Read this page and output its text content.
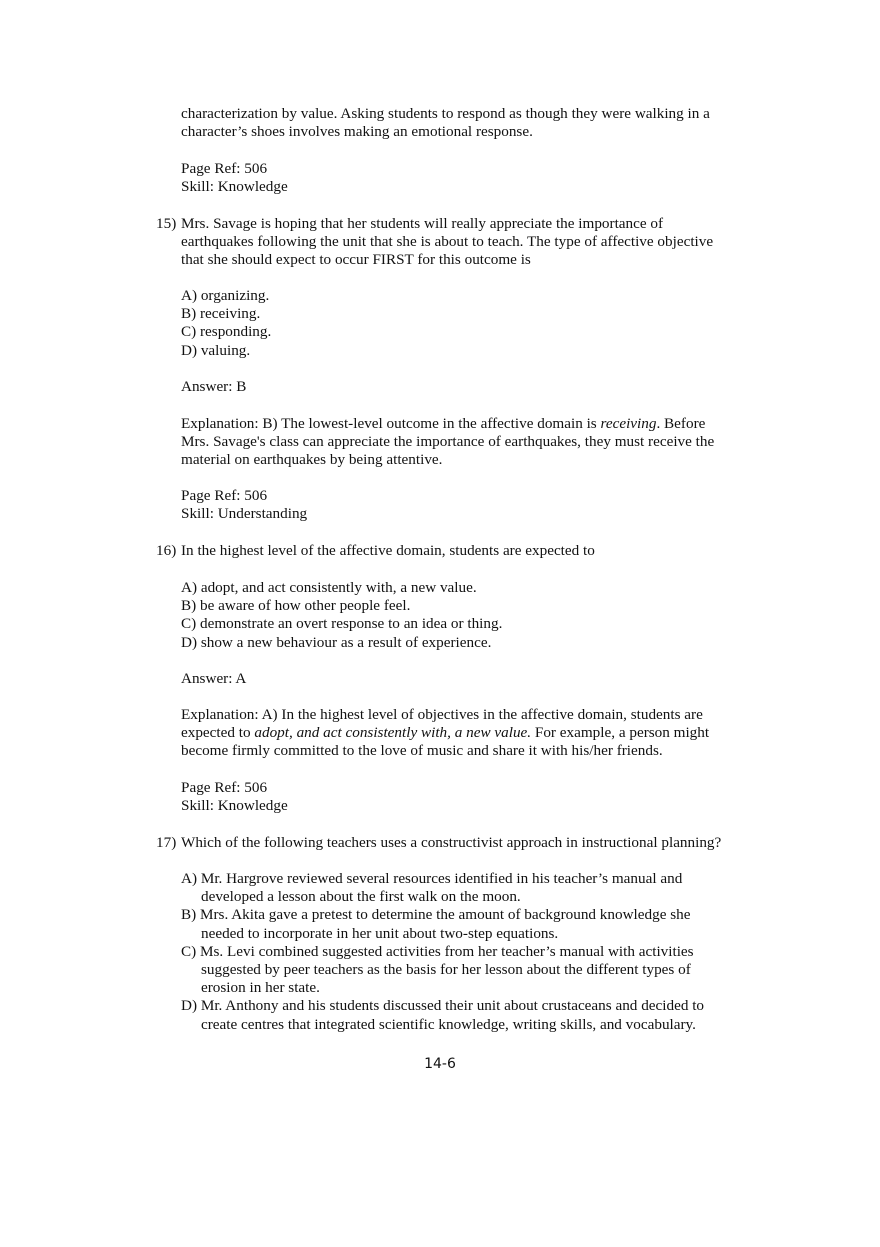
characterization by value. Asking students to respond as though they were walking in a
character’s shoes involves making an emotional response.
Page Ref: 506
Skill: Knowledge
15) Mrs. Savage is hoping that her students will really appreciate the importance of
earthquakes following the unit that she is about to teach. The type of affective objective
that she should expect to occur FIRST for this outcome is
A) organizing.
B) receiving.
C) responding.
D) valuing.
Answer: B
Explanation: B) The lowest-level outcome in the affective domain is receiving. Before
Mrs. Savage's class can appreciate the importance of earthquakes, they must receive the
material on earthquakes by being attentive.
Page Ref: 506
Skill: Understanding
16) In the highest level of the affective domain, students are expected to
A) adopt, and act consistently with, a new value.
B) be aware of how other people feel.
C) demonstrate an overt response to an idea or thing.
D) show a new behaviour as a result of experience.
Answer: A
Explanation: A) In the highest level of objectives in the affective domain, students are
expected to adopt, and act consistently with, a new value. For example, a person might
become firmly committed to the love of music and share it with his/her friends.
Page Ref: 506
Skill: Knowledge
17) Which of the following teachers uses a constructivist approach in instructional planning?
A) Mr. Hargrove reviewed several resources identified in his teacher’s manual and developed a lesson about the first walk on the moon.
B) Mrs. Akita gave a pretest to determine the amount of background knowledge she needed to incorporate in her unit about two-step equations.
C) Ms. Levi combined suggested activities from her teacher’s manual with activities suggested by peer teachers as the basis for her lesson about the different types of erosion in her state.
D) Mr. Anthony and his students discussed their unit about crustaceans and decided to create centres that integrated scientific knowledge, writing skills, and vocabulary.
14-6
